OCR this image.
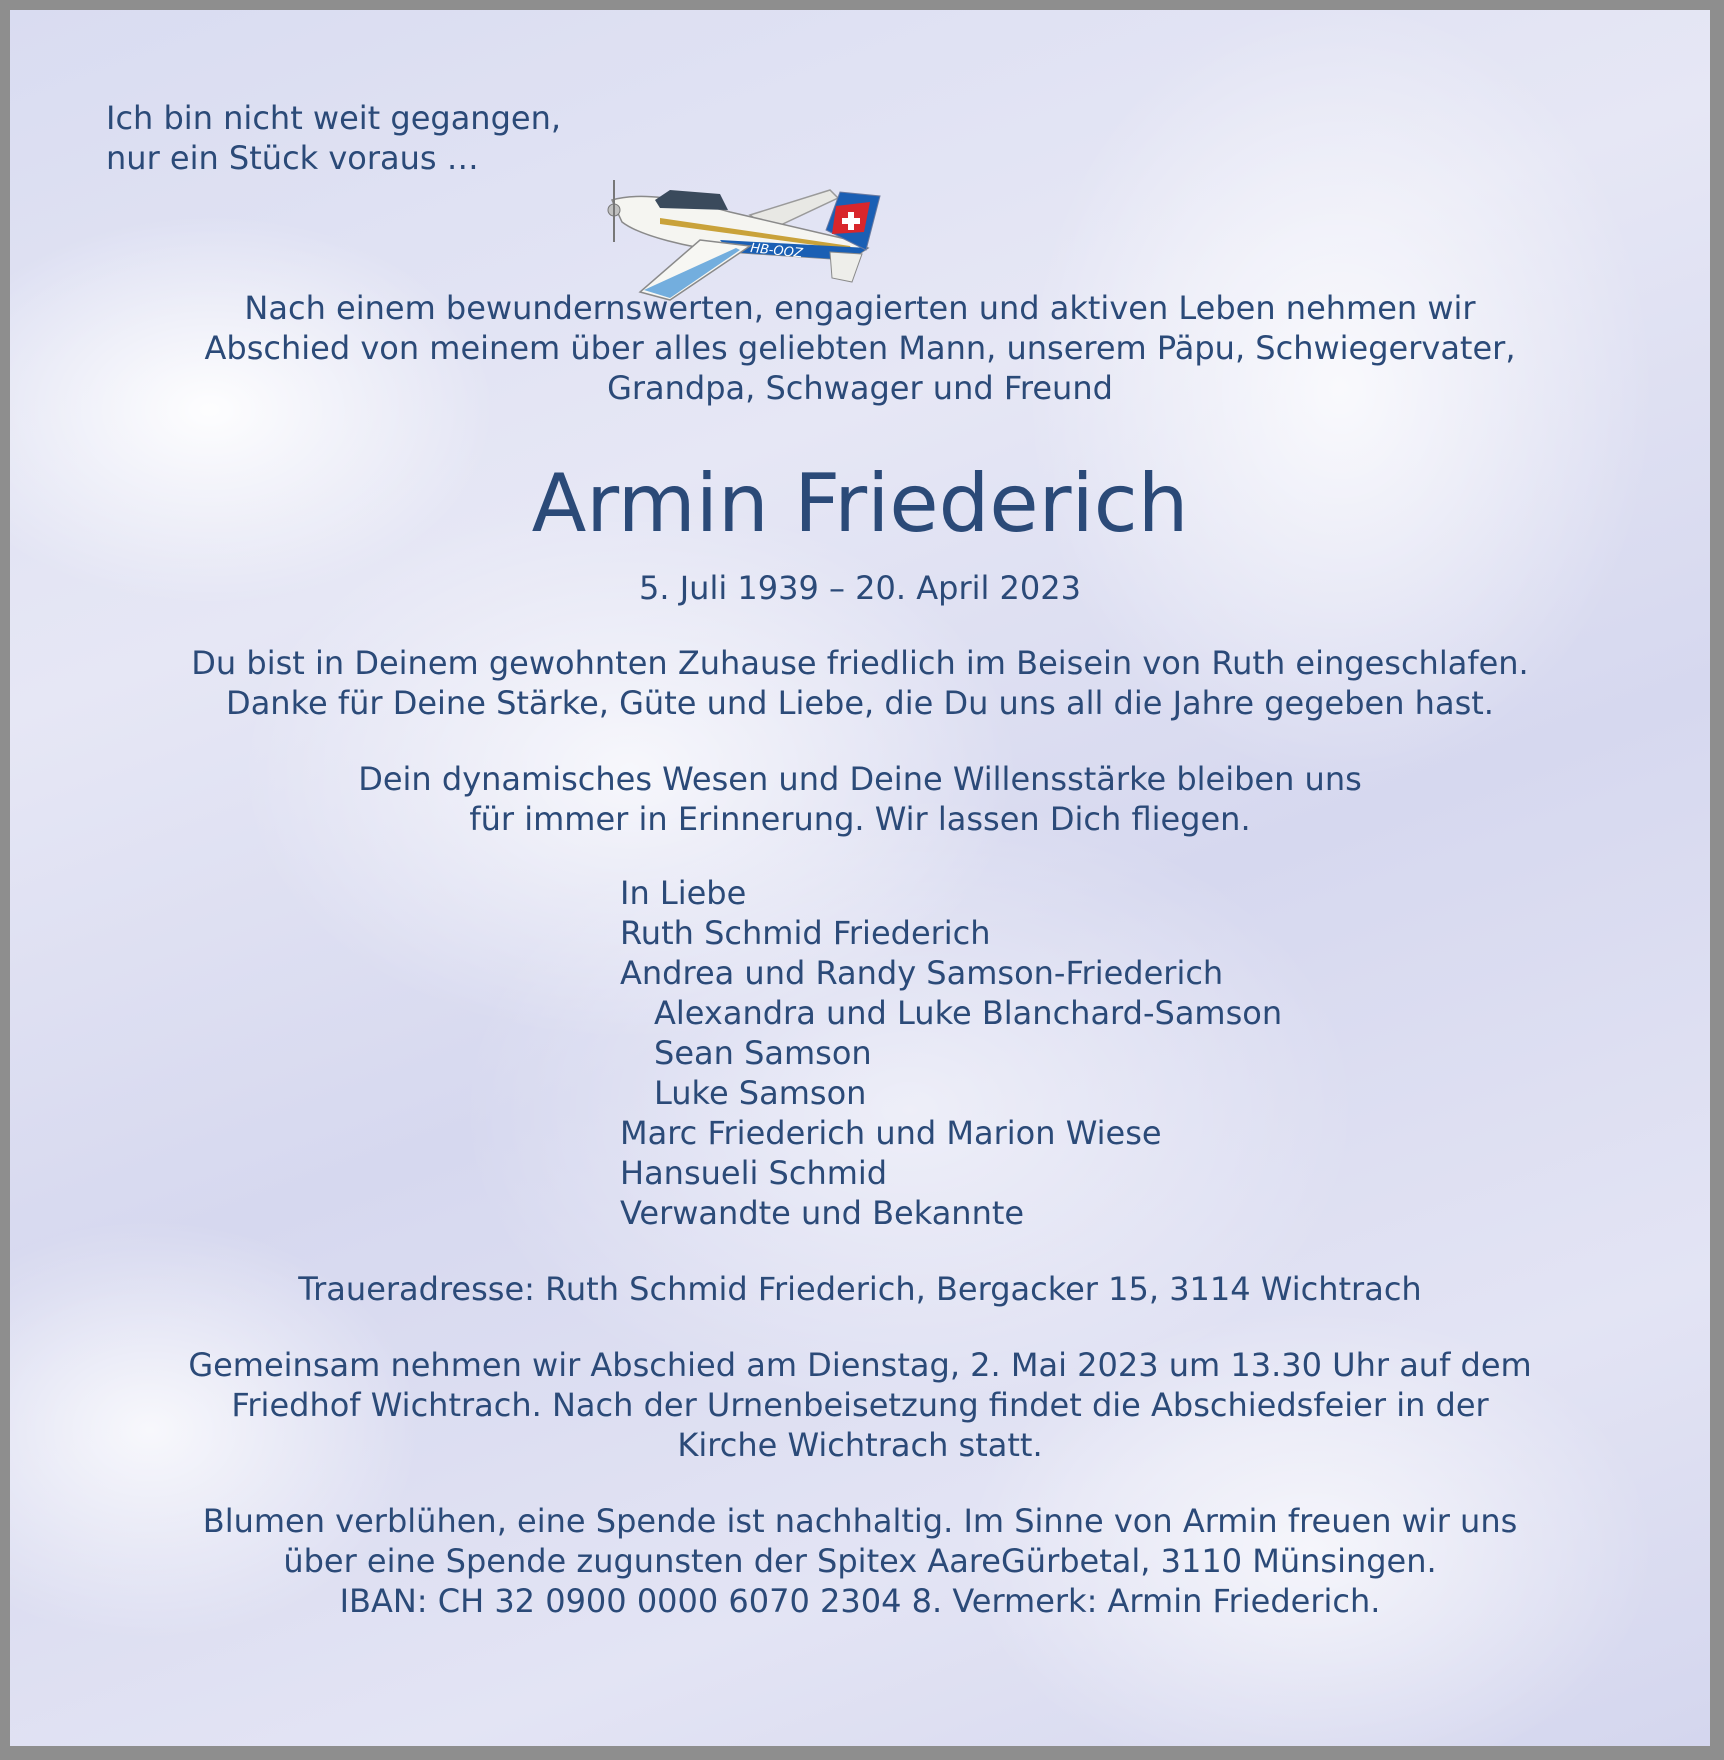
Ich bin nicht weit gegangen,
nur ein Stück voraus …
HB-OOZ
Nach einem bewundernswerten, engagierten und aktiven Leben nehmen wir
Abschied von meinem über alles geliebten Mann, unserem Päpu, Schwiegervater,
Grandpa, Schwager und Freund
Armin Friederich
5. Juli 1939 – 20. April 2023
Du bist in Deinem gewohnten Zuhause friedlich im Beisein von Ruth eingeschlafen.
Danke für Deine Stärke, Güte und Liebe, die Du uns all die Jahre gegeben hast.
Dein dynamisches Wesen und Deine Willensstärke bleiben uns
für immer in Erinnerung. Wir lassen Dich fliegen.
In Liebe
Ruth Schmid Friederich
Andrea und Randy Samson-Friederich
Alexandra und Luke Blanchard-Samson
Sean Samson
Luke Samson
Marc Friederich und Marion Wiese
Hansueli Schmid
Verwandte und Bekannte
Traueradresse: Ruth Schmid Friederich, Bergacker 15, 3114 Wichtrach
Gemeinsam nehmen wir Abschied am Dienstag, 2. Mai 2023 um 13.30 Uhr auf dem
Friedhof Wichtrach. Nach der Urnenbeisetzung findet die Abschiedsfeier in der
Kirche Wichtrach statt.
Blumen verblühen, eine Spende ist nachhaltig. Im Sinne von Armin freuen wir uns
über eine Spende zugunsten der Spitex AareGürbetal, 3110 Münsingen.
IBAN: CH 32 0900 0000 6070 2304 8. Vermerk: Armin Friederich.
